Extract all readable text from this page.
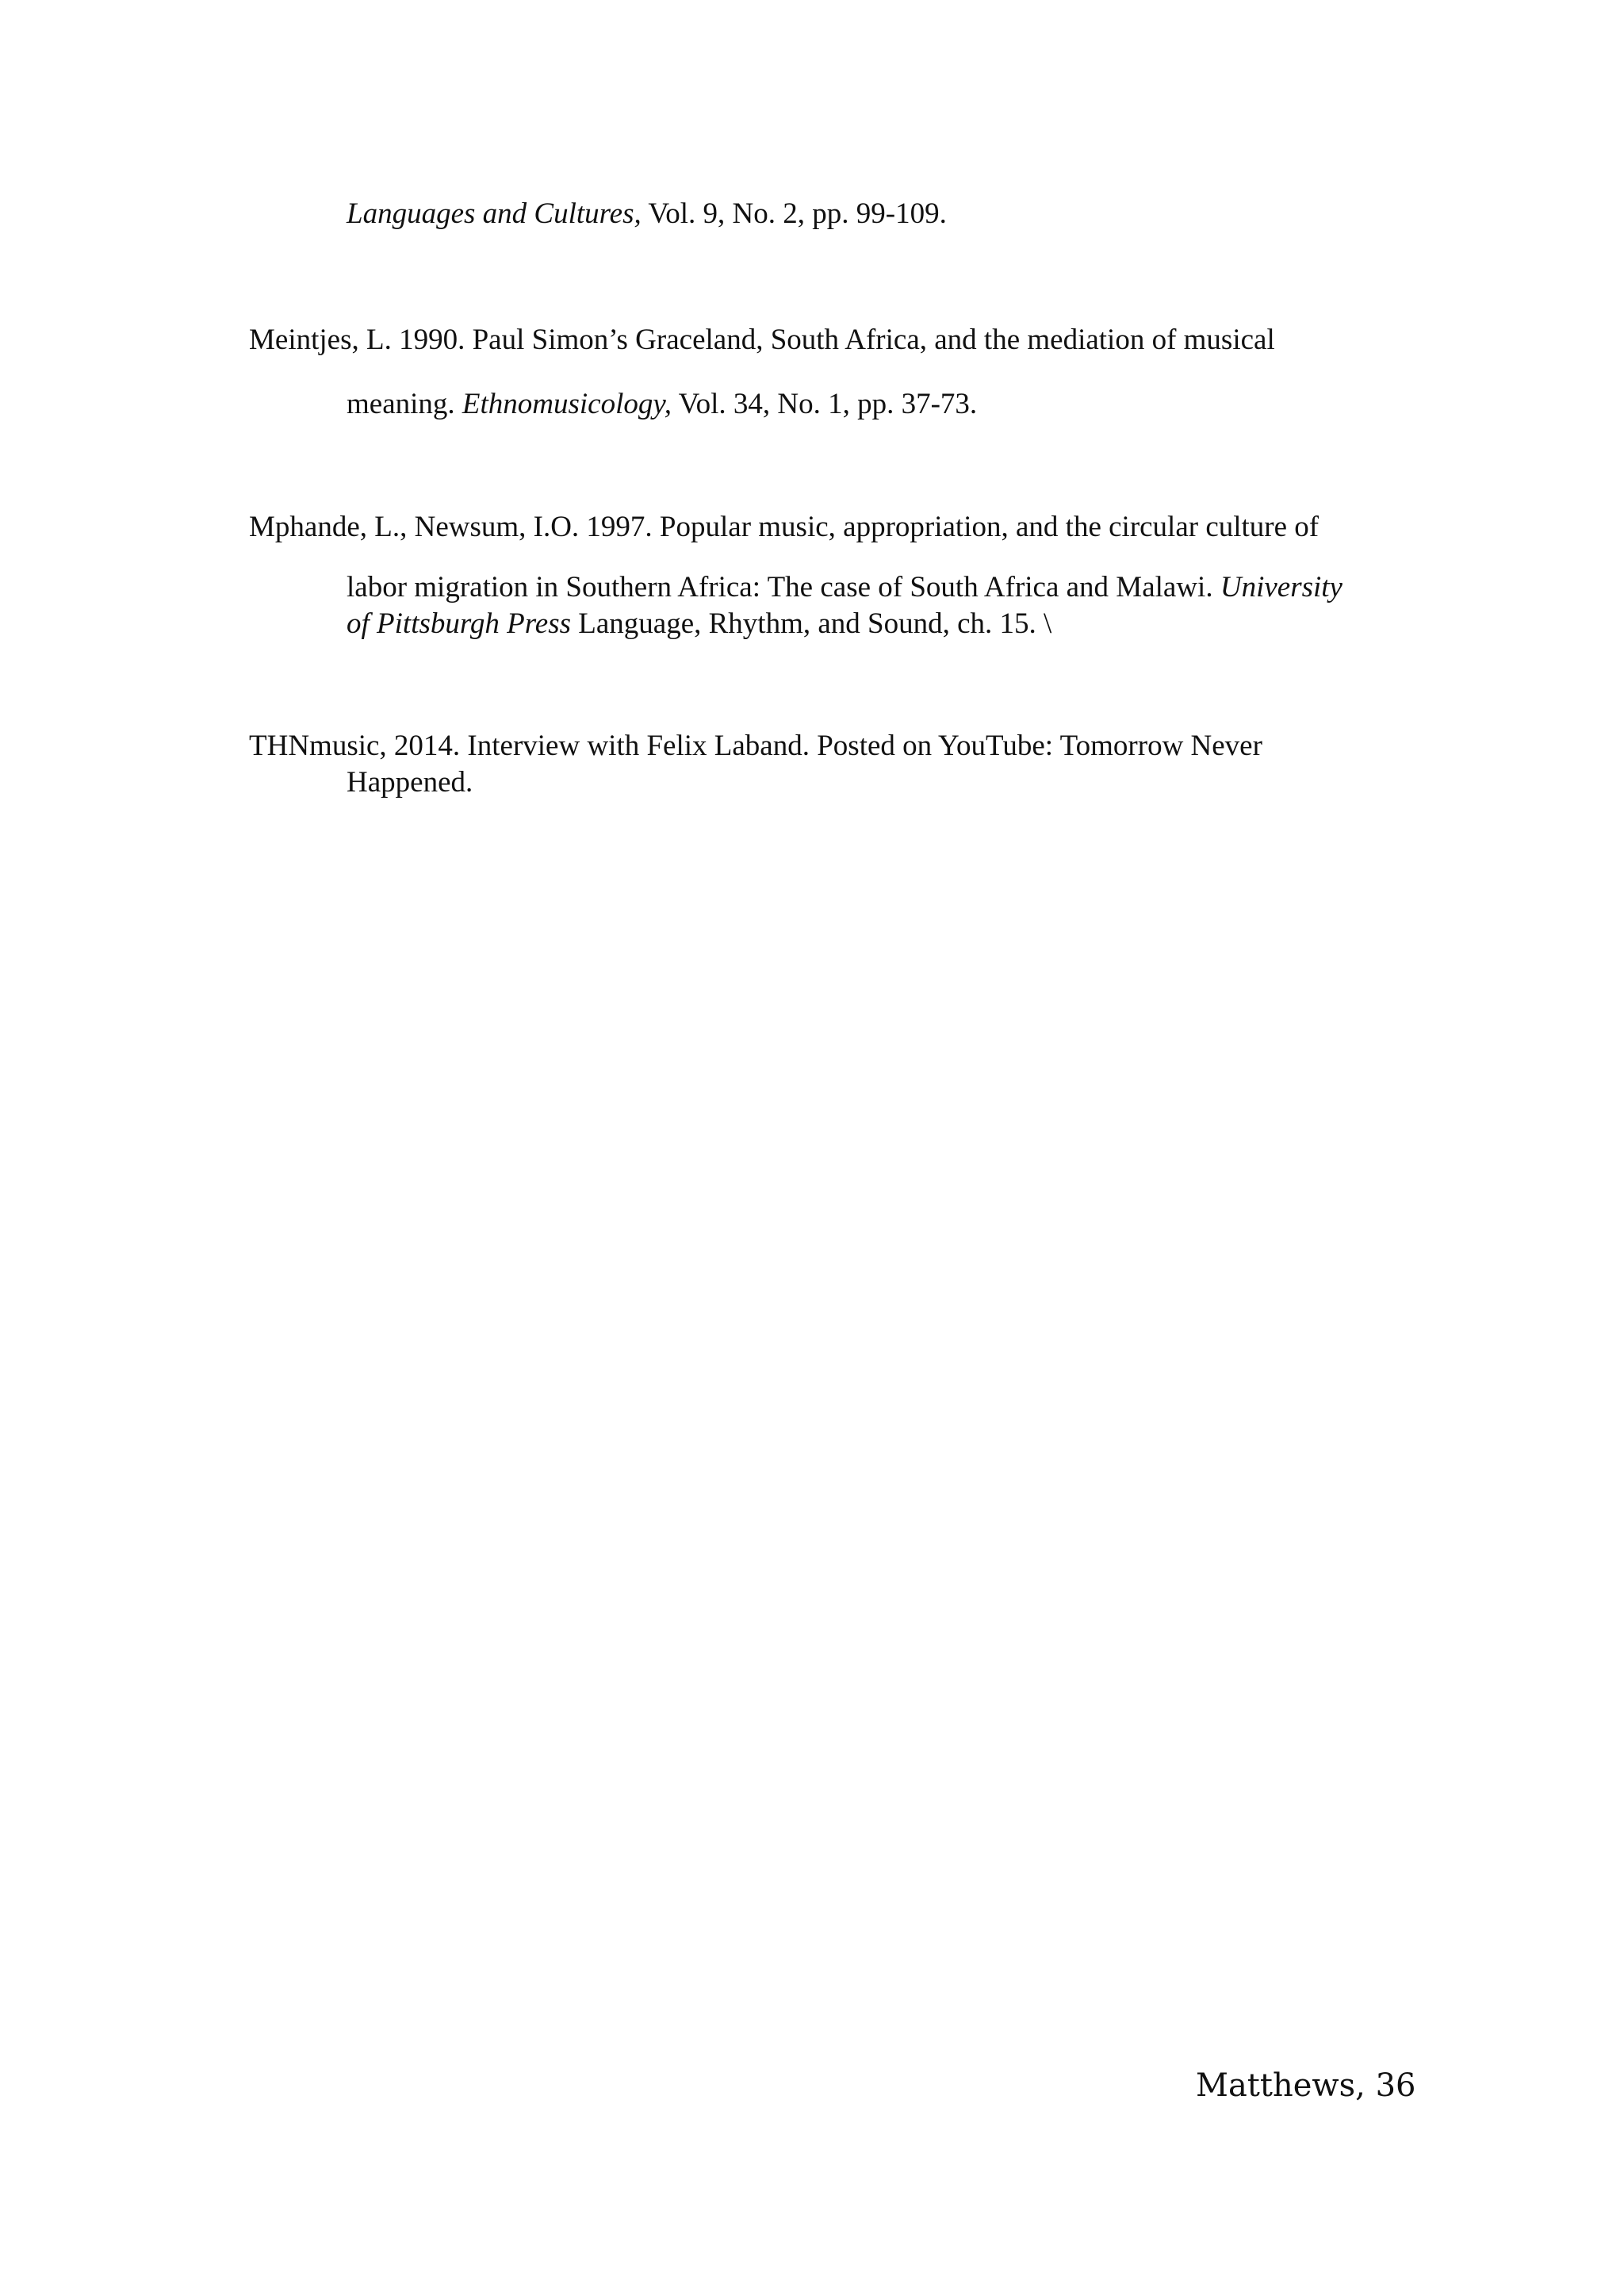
Languages and Cultures, Vol. 9, No. 2, pp. 99-109.
Meintjes, L. 1990. Paul Simon’s Graceland, South Africa, and the mediation of musical
meaning. Ethnomusicology, Vol. 34, No. 1, pp. 37-73.
Mphande, L., Newsum, I.O. 1997. Popular music, appropriation, and the circular culture of
labor migration in Southern Africa: The case of South Africa and Malawi. University
of Pittsburgh Press Language, Rhythm, and Sound, ch. 15. \
THNmusic, 2014. Interview with Felix Laband. Posted on YouTube: Tomorrow Never
Happened.
Matthews, 36
